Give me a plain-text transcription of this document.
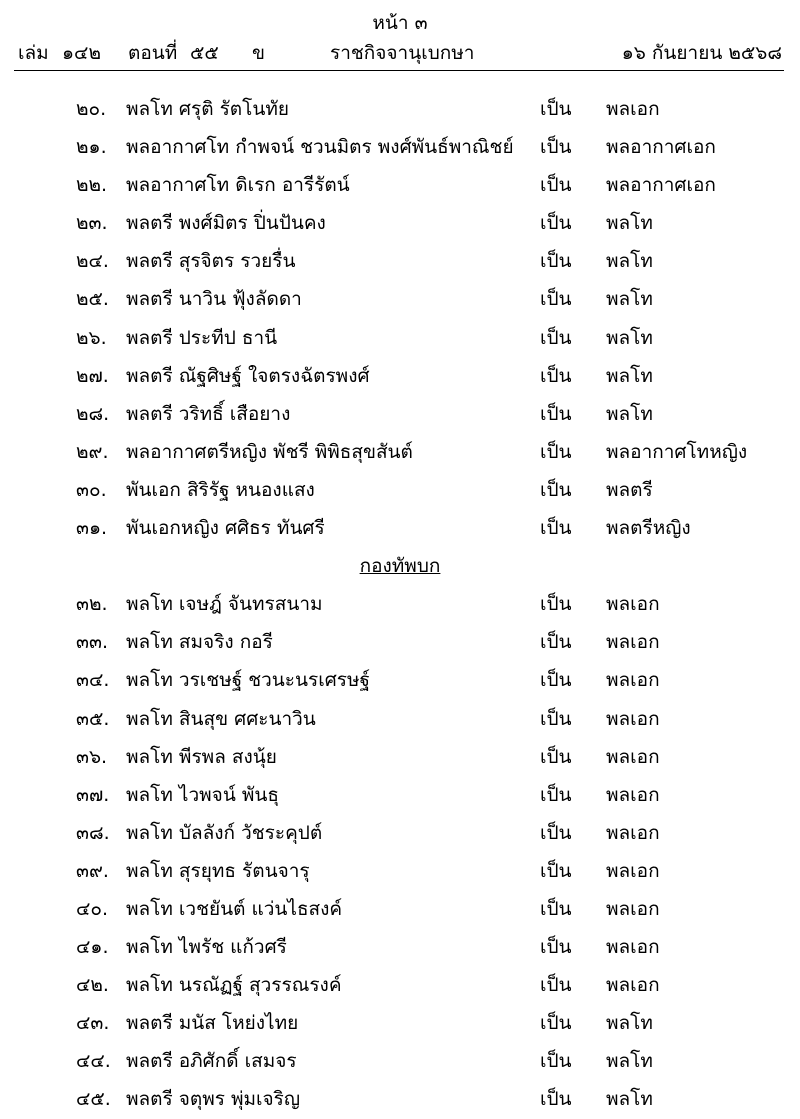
หน้า ๓
เล่ม ๑๔๒ ตอนที่ ๕๕ ข	ราชกิจจานุเบกษา	๑๖ กันยายน ๒๕๖๘
๒๐. พลโท ศรุติ รัตโนทัย	เป็น พลเอก
๒๑. พลอากาศโท กำพจน์ ชวนมิตร พงศ์พันธ์พาณิชย์ เป็น พลอากาศเอก
๒๒. พลอากาศโท ดิเรก อารีรัตน์	เป็น พลอากาศเอก
๒๓. พลตรี พงศ์มิตร ปิ่นปันคง	เป็น พลโท
๒๔. พลตรี สุรจิตร รวยรื่น	เป็น พลโท
๒๕. พลตรี นาวิน ฟุ้งลัดดา	เป็น พลโท
๒๖. พลตรี ประทีป ธานี	เป็น พลโท
๒๗. พลตรี ณัฐศิษฐ์ ใจตรงฉัตรพงศ์	เป็น พลโท
๒๘. พลตรี วริทธิ์ เสือยาง	เป็น พลโท
๒๙. พลอากาศตรีหญิง พัชรี พิพิธสุขสันต์	เป็น พลอากาศโทหญิง
๓๐. พันเอก สิริรัฐ หนองแสง	เป็น พลตรี
๓๑. พันเอกหญิง ศศิธร ทันศรี	เป็น พลตรีหญิง
กองทัพบก
๓๒. พลโท เจษฎ์ จันทรสนาม	เป็น พลเอก
๓๓. พลโท สมจริง กอรี	เป็น พลเอก
๓๔. พลโท วรเชษฐ์ ชวนะนรเศรษฐ์	เป็น พลเอก
๓๕. พลโท สินสุข ศศะนาวิน	เป็น พลเอก
๓๖. พลโท พีรพล สงนุ้ย	เป็น พลเอก
๓๗. พลโท ไวพจน์ พันธุ	เป็น พลเอก
๓๘. พลโท บัลลังก์ วัชระคุปต์	เป็น พลเอก
๓๙. พลโท สุรยุทธ รัตนจารุ	เป็น พลเอก
๔๐. พลโท เวชยันต์ แว่นไธสงค์	เป็น พลเอก
๔๑. พลโท ไพรัช แก้วศรี	เป็น พลเอก
๔๒. พลโท นรณัฏฐ์ สุวรรณรงค์	เป็น พลเอก
๔๓. พลตรี มนัส โหย่งไทย	เป็น พลโท
๔๔. พลตรี อภิศักดิ์ เสมจร	เป็น พลโท
๔๕. พลตรี จตุพร พุ่มเจริญ	เป็น พลโท
